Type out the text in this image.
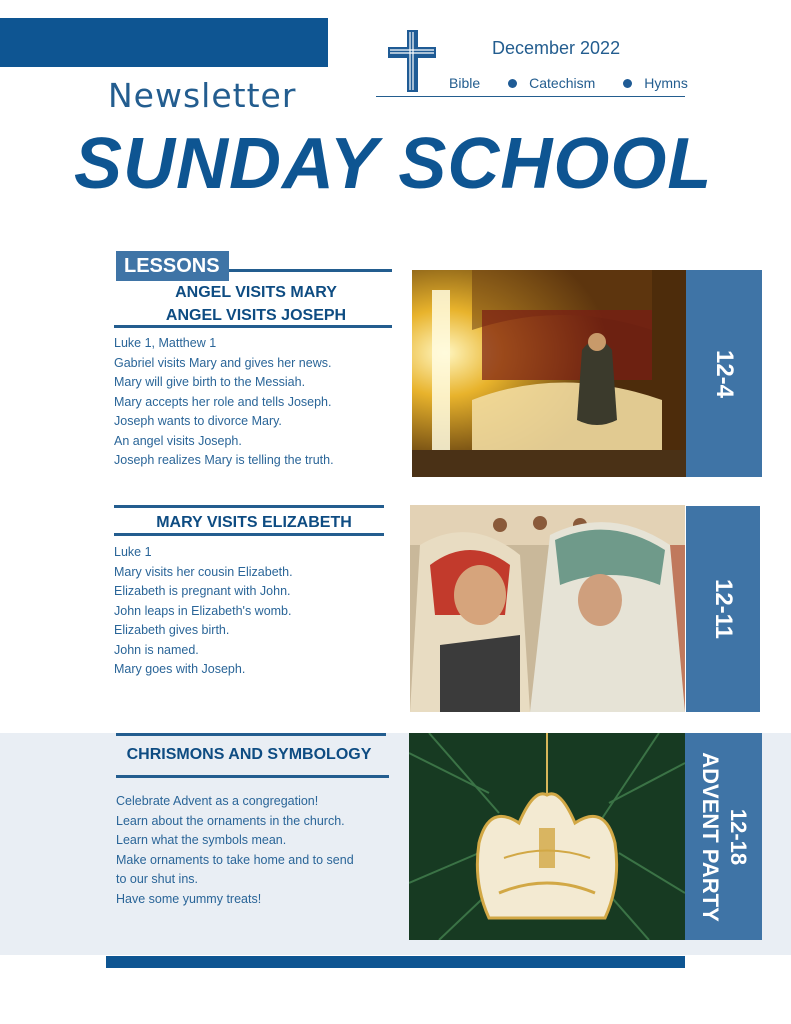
Newsletter
December 2022
Bible	Catechism	Hymns
SUNDAY SCHOOL
LESSONS
ANGEL VISITS MARY
ANGEL VISITS JOSEPH
Luke 1, Matthew 1
Gabriel visits Mary and gives her news.
Mary will give birth to the Messiah.
Mary accepts her role and tells Joseph.
Joseph wants to divorce Mary.
An angel visits Joseph.
Joseph realizes Mary is telling the truth.
12-4
MARY VISITS ELIZABETH
Luke 1
Mary visits her cousin Elizabeth.
Elizabeth is pregnant with John.
John leaps in Elizabeth's womb.
Elizabeth gives birth.
John is named.
Mary goes with Joseph.
12-11
CHRISMONS AND SYMBOLOGY
Celebrate Advent as a congregation!
Learn about the ornaments in the church.
Learn what the symbols mean.
Make ornaments to take home and to send
to our shut ins.
Have some yummy treats!
12-18
ADVENT PARTY
